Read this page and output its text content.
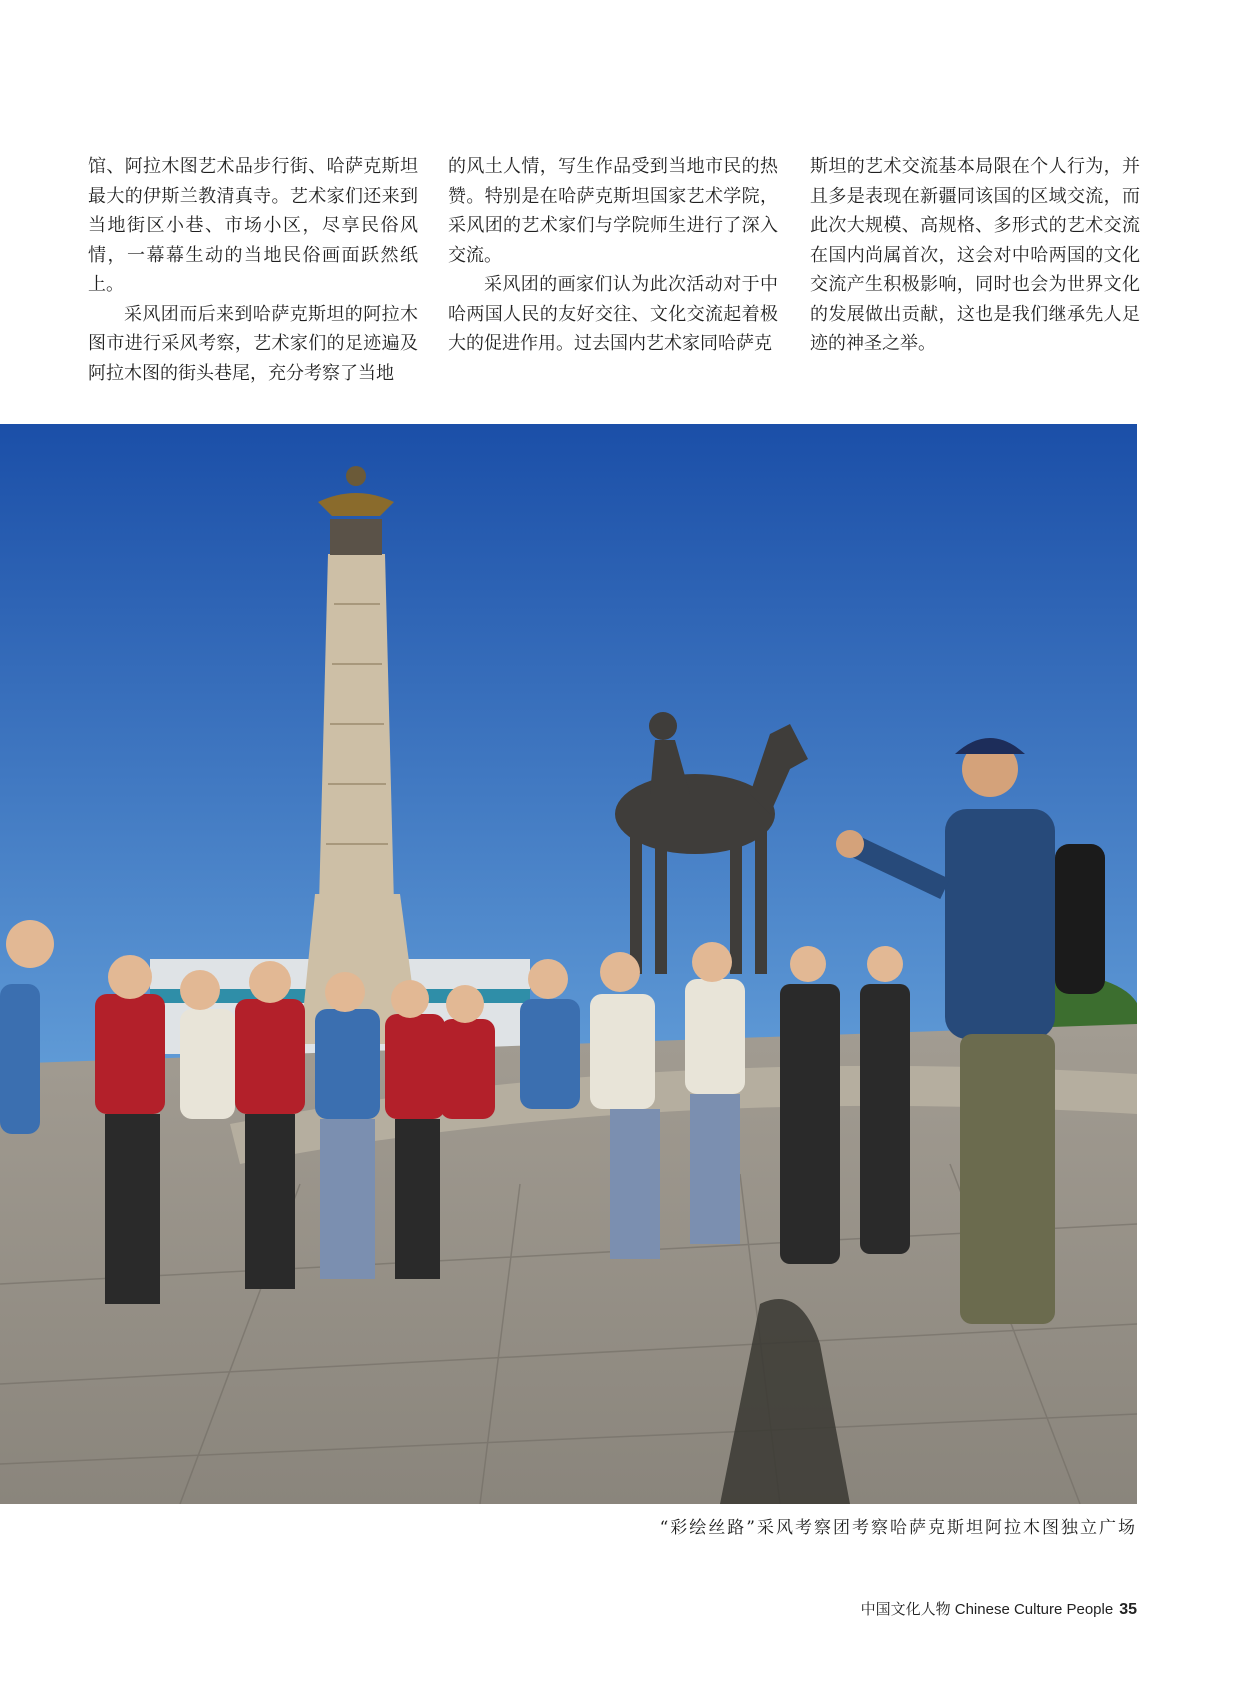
馆、阿拉木图艺术品步行街、哈萨克斯坦最大的伊斯兰教清真寺。艺术家们还来到当地街区小巷、市场小区，尽享民俗风情，一幕幕生动的当地民俗画面跃然纸上。

采风团而后来到哈萨克斯坦的阿拉木图市进行采风考察，艺术家们的足迹遍及阿拉木图的街头巷尾，充分考察了当地

的风土人情，写生作品受到当地市民的热赞。特别是在哈萨克斯坦国家艺术学院，采风团的艺术家们与学院师生进行了深入交流。

采风团的画家们认为此次活动对于中哈两国人民的友好交往、文化交流起着极大的促进作用。过去国内艺术家同哈萨克

斯坦的艺术交流基本局限在个人行为，并且多是表现在新疆同该国的区域交流，而此次大规模、高规格、多形式的艺术交流在国内尚属首次，这会对中哈两国的文化交流产生积极影响，同时也会为世界文化的发展做出贡献，这也是我们继承先人足迹的神圣之举。

“彩绘丝路”采风考察团考察哈萨克斯坦阿拉木图独立广场
中国文化人物 Chinese Culture People 35
